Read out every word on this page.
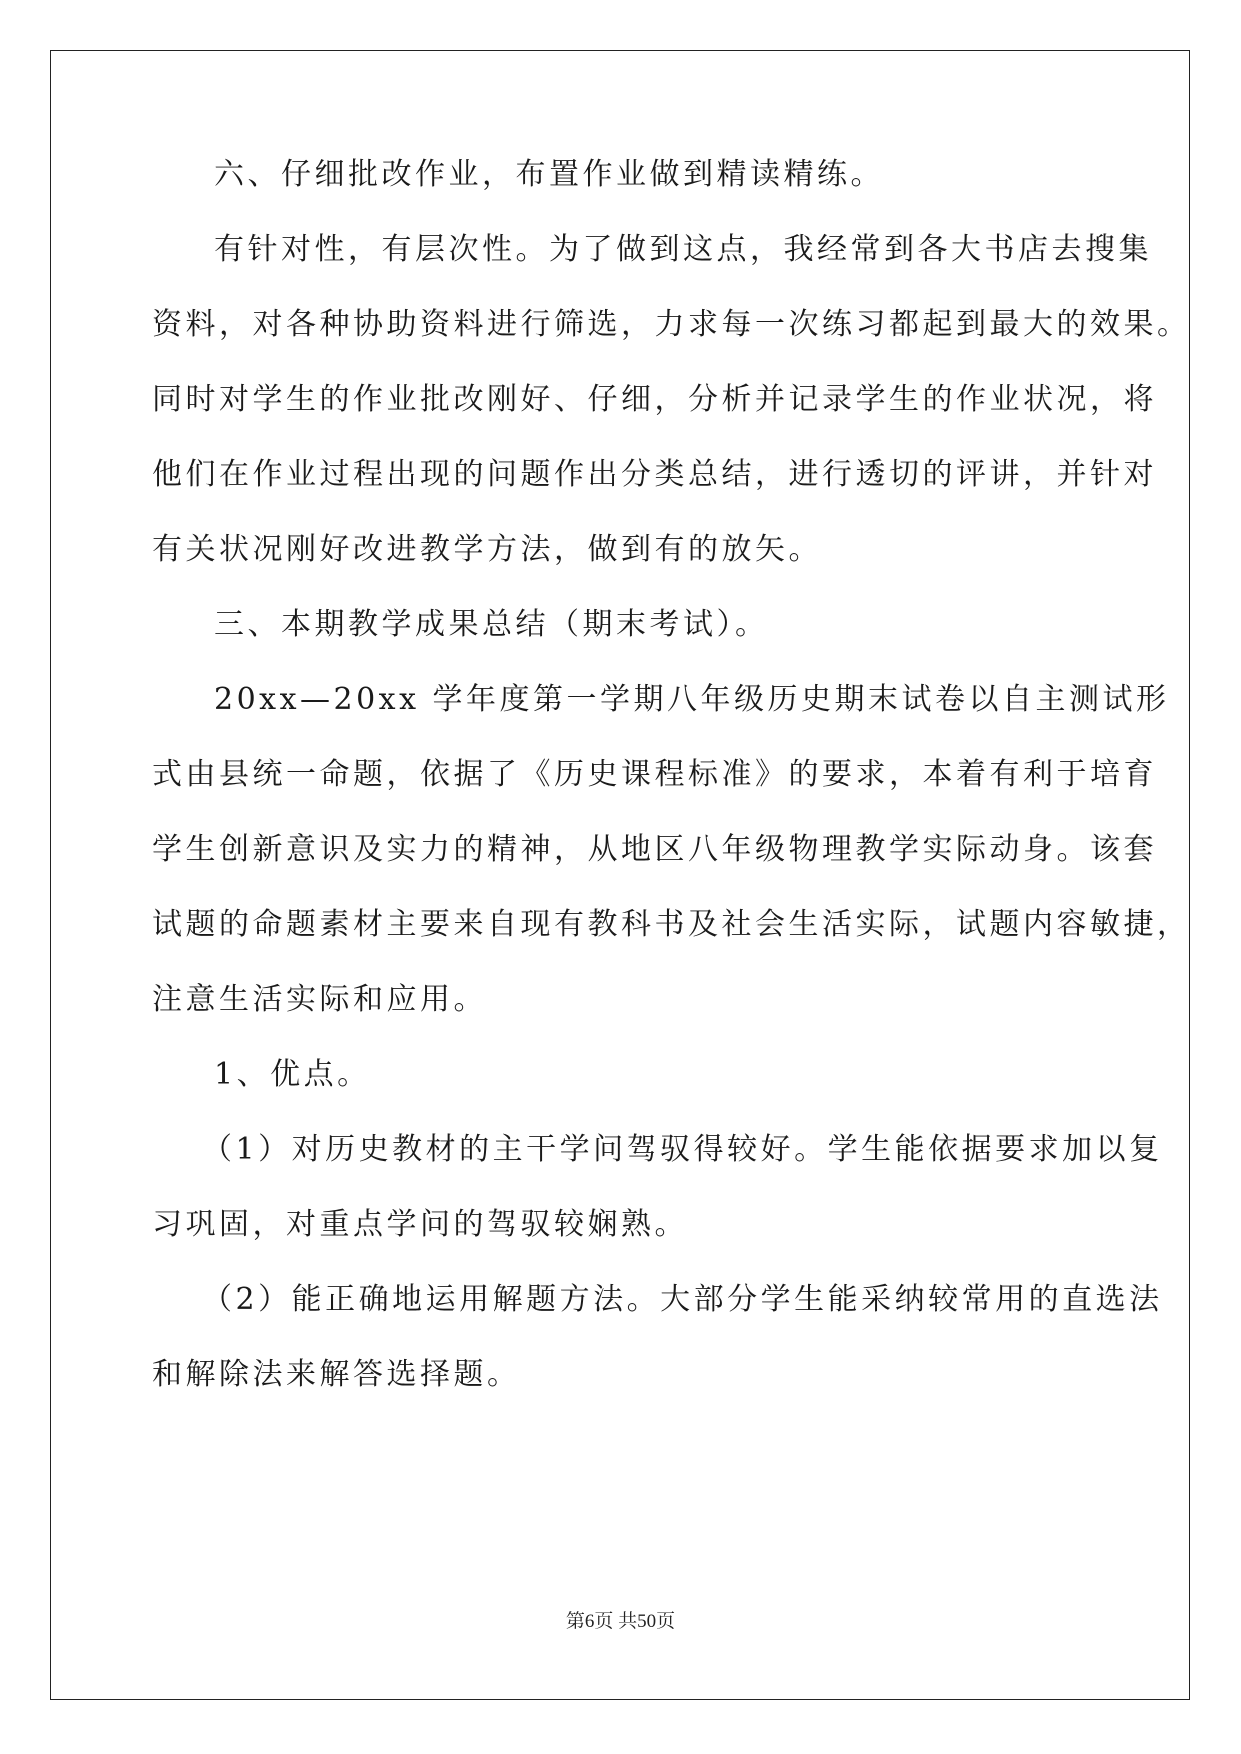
六、仔细批改作业，布置作业做到精读精练。
有针对性，有层次性。为了做到这点，我经常到各大书店去搜集
资料，对各种协助资料进行筛选，力求每一次练习都起到最大的效果。
同时对学生的作业批改刚好、仔细，分析并记录学生的作业状况，将
他们在作业过程出现的问题作出分类总结，进行透切的评讲，并针对
有关状况刚好改进教学方法，做到有的放矢。
三、本期教学成果总结（期末考试）。
20xx—20xx 学年度第一学期八年级历史期末试卷以自主测试形
式由县统一命题，依据了《历史课程标准》的要求，本着有利于培育
学生创新意识及实力的精神，从地区八年级物理教学实际动身。该套
试题的命题素材主要来自现有教科书及社会生活实际，试题内容敏捷，
注意生活实际和应用。
1、优点。
（1）对历史教材的主干学问驾驭得较好。学生能依据要求加以复
习巩固，对重点学问的驾驭较娴熟。
（2）能正确地运用解题方法。大部分学生能采纳较常用的直选法
和解除法来解答选择题。
第6页 共50页
